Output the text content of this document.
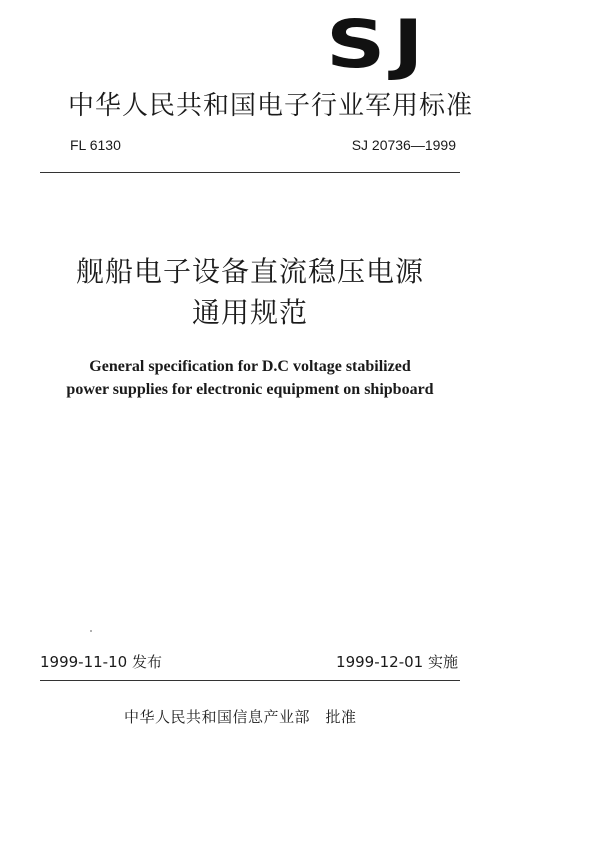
SJ
中华人民共和国电子行业军用标准
FL 6130	SJ 20736—1999
舰船电子设备直流稳压电源
通用规范
General specification for D.C voltage stabilized
power supplies for electronic equipment on shipboard
1999-11-10 发布	1999-12-01 实施
中华人民共和国信息产业部　批准
